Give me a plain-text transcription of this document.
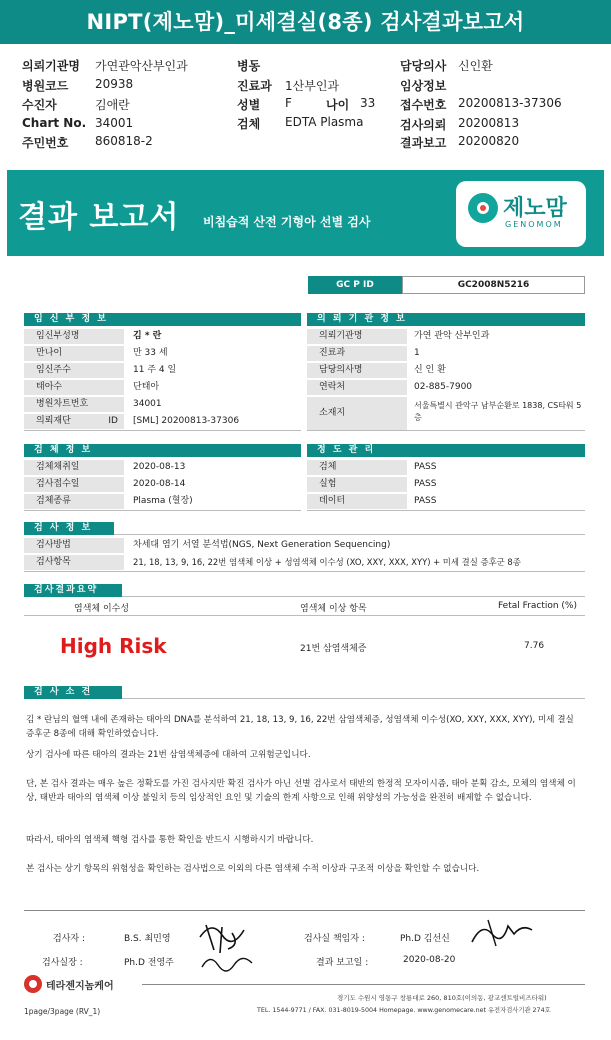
NIPT(제노맘)_미세결실(8종) 검사결과보고서
의뢰기관명 가연관악산부인과
병원코드 20938
수진자	김애란
Chart No. 34001
주민번호 860818-2
병동
진료과 1산부인과
성별 F	나이 33
검체 EDTA Plasma
담당의사 신인환
임상정보
접수번호 20200813-37306
검사의뢰 20200813
결과보고 20200820
결과 보고서 비침습적 산전 기형아 선별 검사
제노맘
GENOMOM
GC P ID	GC2008N5216
임 신 부 정 보
임신부성명	김 * 란
만나이	만 33 세
임신주수	11 주 4 일
태아수	단태아
병원차트번호	34001
의뢰재단 ID	[SML] 20200813-37306
의 뢰 기 관 정 보
의뢰기관명	가연 관악 산부인과
진료과	1
담당의사명	신 인 환
연락처	02-885-7900
소재지
서울특별시 관악구 남부순환로 1838, CS타워 5층
검 체 정 보
검체채취일	2020-08-13
검사접수일	2020-08-14
검체종류	Plasma (혈장)
정 도 관 리
검체	PASS
실험	PASS
데이터	PASS
검 사 정 보
검사방법	차세대 염기 서열 분석법(NGS, Next Generation Sequencing)
검사항목	21, 18, 13, 9, 16, 22번 염색체 이상 + 성염색체 이수성 (XO, XXY, XXX, XYY) + 미세 결실 증후군 8종
검사결과요약
염색체 이수성	염색체 이상 항목	Fetal Fraction (%)
High Risk	21번 삼염색체증	7.76
검 사 소 견
김 * 란님의 혈액 내에 존재하는 태아의 DNA를 분석하여 21, 18, 13, 9, 16, 22번 삼염색체증, 성염색체 이수성(XO, XXY, XXX, XYY), 미세 결실 증후군 8종에 대해 확인하였습니다.
상기 검사에 따른 태아의 결과는 21번 삼염색체증에 대하여 고위험군입니다.
단, 본 검사 결과는 매우 높은 정확도를 가진 검사지만 확진 검사가 아닌 선별 검사로서 태반의 한정적 모자이시즘, 태아 분획 감소, 모체의 염색체 이상, 태반과 태아의 염색체 이상 불일치 등의 임상적인 요인 및 기술의 한계 사항으로 인해 위양성의 가능성을 완전히 배제할 수 없습니다.
따라서, 태아의 염색체 핵형 검사를 통한 확인을 반드시 시행하시기 바랍니다.
본 검사는 상기 항목의 위험성을 확인하는 검사법으로 이외의 다른 염색체 수적 이상과 구조적 이상을 확인할 수 없습니다.
검사자 :	B.S. 최민영
검사실장 :	Ph.D 전영주
검사실 책임자 :	Ph.D 김선신
결과 보고일 :	2020-08-20
테라젠지놈케어
경기도 수원시 영통구 창룡대로 260, 810호(이의동, 광교센트럴비즈타워)
TEL. 1544-9771 / FAX. 031-8019-5004 Homepage. www.genomecare.net 유전자검사기관 274호
1page/3page (RV_1)
